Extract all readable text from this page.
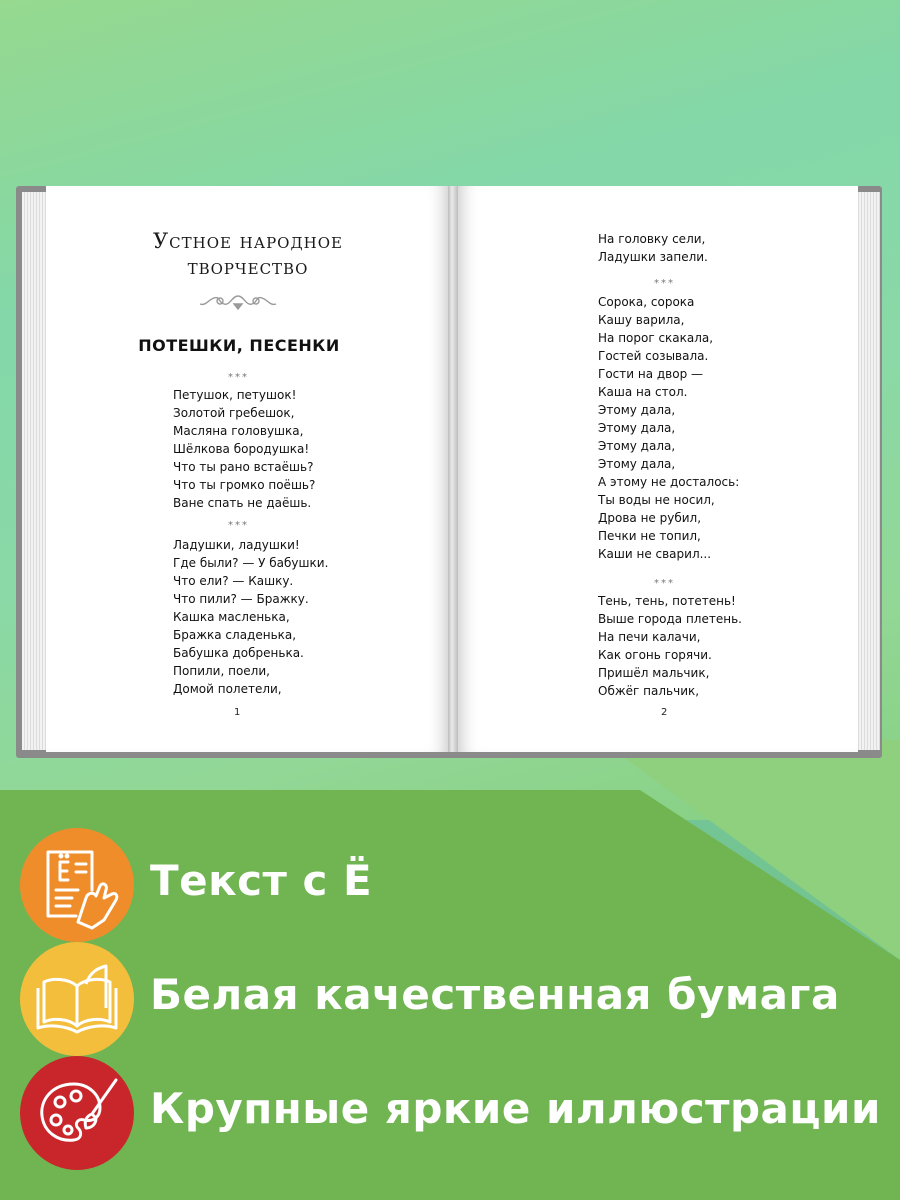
Устное народное
творчество
ПОТЕШКИ, ПЕСЕНКИ
***
Петушок, петушок!
Золотой гребешок,
Масляна головушка,
Шёлкова бородушка!
Что ты рано встаёшь?
Что ты громко поёшь?
Ване спать не даёшь.
***
Ладушки, ладушки!
Где были? — У бабушки.
Что ели? — Кашку.
Что пили? — Бражку.
Кашка масленька,
Бражка сладенька,
Бабушка добренька.
Попили, поели,
Домой полетели,
1
На головку сели,
Ладушки запели.
***
Сорока, сорока
Кашу варила,
На порог скакала,
Гостей созывала.
Гости на двор —
Каша на стол.
Этому дала,
Этому дала,
Этому дала,
Этому дала,
А этому не досталось:
Ты воды не носил,
Дрова не рубил,
Печки не топил,
Каши не сварил...
***
Тень, тень, потетень!
Выше города плетень.
На печи калачи,
Как огонь горячи.
Пришёл мальчик,
Обжёг пальчик,
2
Текст с Ё
Белая качественная бумага
Крупные яркие иллюстрации
